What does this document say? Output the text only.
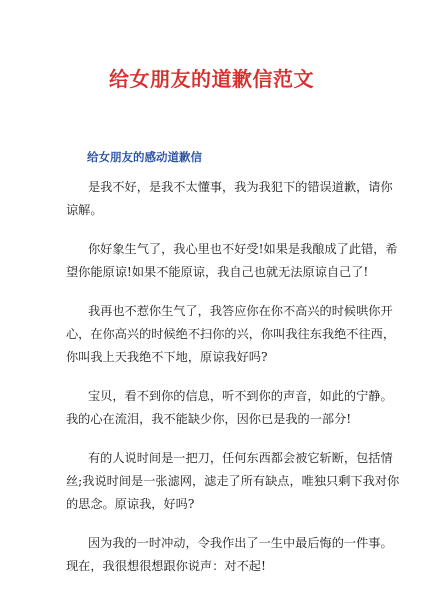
给女朋友的道歉信范文
给女朋友的感动道歉信
是我不好，是我不太懂事，我为我犯下的错误道歉，请你
谅解。
你好象生气了，我心里也不好受!如果是我酿成了此错，希
望你能原谅!如果不能原谅，我自己也就无法原谅自己了!
我再也不惹你生气了，我答应你在你不高兴的时候哄你开
心，在你高兴的时候绝不扫你的兴，你叫我往东我绝不往西，
你叫我上天我绝不下地，原谅我好吗?
宝贝，看不到你的信息，听不到你的声音，如此的宁静。
我的心在流泪，我不能缺少你，因你已是我的一部分!
有的人说时间是一把刀，任何东西都会被它斩断，包括情
丝;我说时间是一张滤网，滤走了所有缺点，唯独只剩下我对你
的思念。原谅我，好吗?
因为我的一时冲动，令我作出了一生中最后悔的一件事。
现在，我很想很想跟你说声：对不起!
